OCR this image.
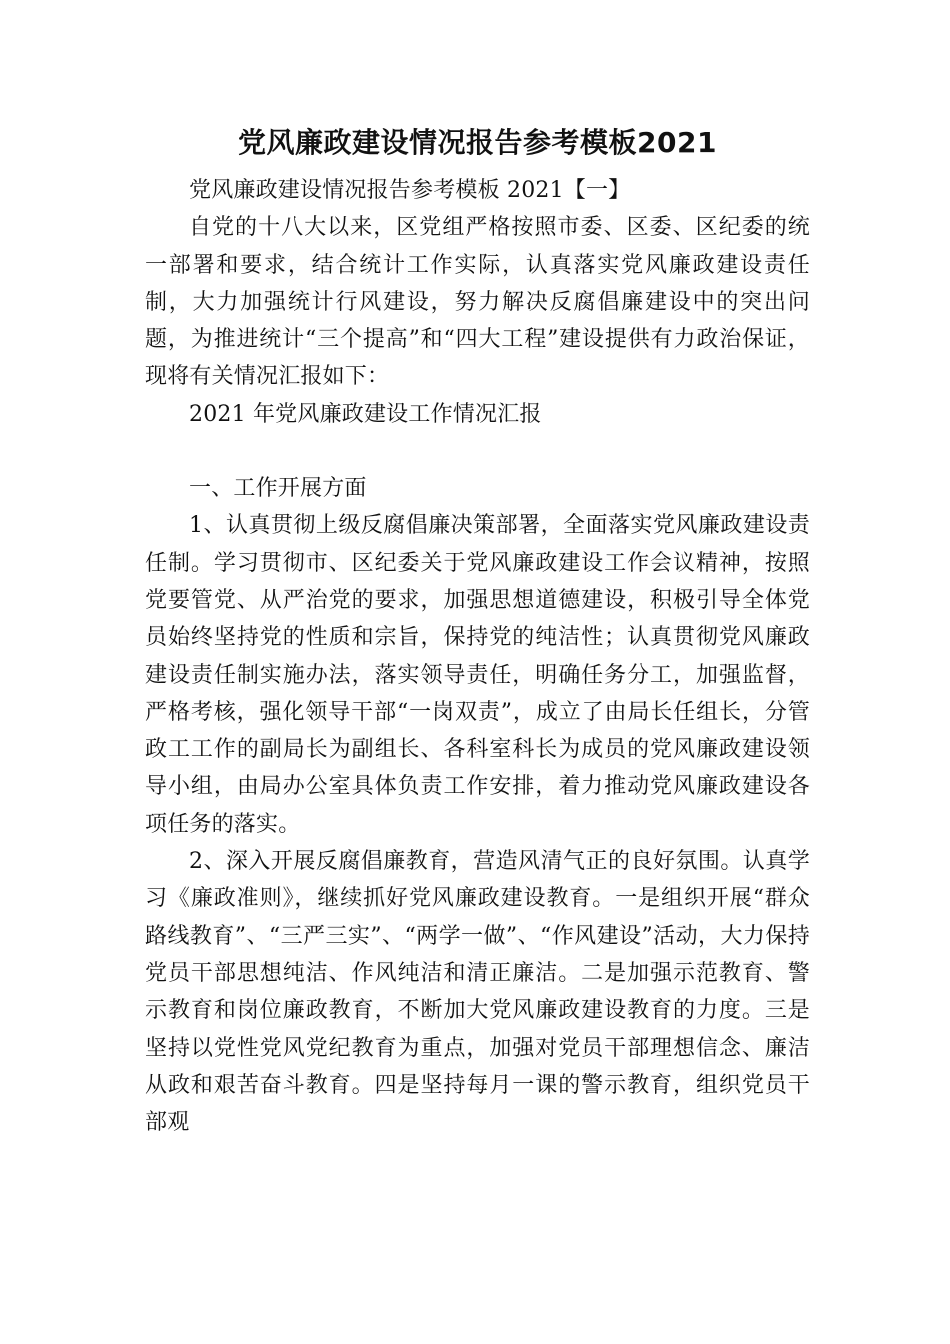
党风廉政建设情况报告参考模板2021

党风廉政建设情况报告参考模板 2021【一】

自党的十八大以来，区党组严格按照市委、区委、区纪委的统一部署和要求，结合统计工作实际，认真落实党风廉政建设责任制，大力加强统计行风建设，努力解决反腐倡廉建设中的突出问题，为推进统计“三个提高”和“四大工程”建设提供有力政治保证，现将有关情况汇报如下：

2021 年党风廉政建设工作情况汇报

一、工作开展方面

1、认真贯彻上级反腐倡廉决策部署，全面落实党风廉政建设责任制。学习贯彻市、区纪委关于党风廉政建设工作会议精神，按照党要管党、从严治党的要求，加强思想道德建设，积极引导全体党员始终坚持党的性质和宗旨，保持党的纯洁性；认真贯彻党风廉政建设责任制实施办法，落实领导责任，明确任务分工，加强监督，严格考核，强化领导干部“一岗双责”，成立了由局长任组长，分管政工工作的副局长为副组长、各科室科长为成员的党风廉政建设领导小组，由局办公室具体负责工作安排，着力推动党风廉政建设各项任务的落实。

2、深入开展反腐倡廉教育，营造风清气正的良好氛围。认真学习《廉政准则》，继续抓好党风廉政建设教育。一是组织开展“群众路线教育”、“三严三实”、“两学一做”、“作风建设”活动，大力保持党员干部思想纯洁、作风纯洁和清正廉洁。二是加强示范教育、警示教育和岗位廉政教育，不断加大党风廉政建设教育的力度。三是坚持以党性党风党纪教育为重点，加强对党员干部理想信念、廉洁从政和艰苦奋斗教育。四是坚持每月一课的警示教育，组织党员干部观
